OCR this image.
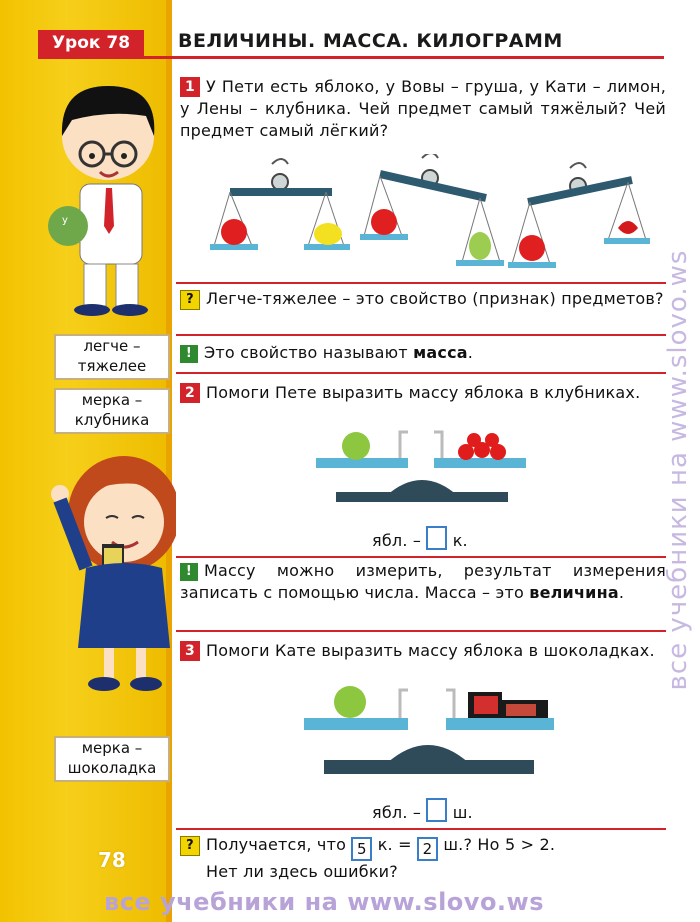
у
Урок 78	ВЕЛИЧИНЫ. МАССА. КИЛОГРАММ
1 У Пети есть яблоко, у Вовы – груша, у Кати – лимон, у Лены – клубника. Чей предмет самый тяжёлый? Чей предмет самый лёгкий?
? Легче-тяжелее – это свойство (признак) предметов?
! Это свойство называют масса.
легче –
тяжелее
мерка –
клубника
мерка –
шоколадка
2 Помоги Пете выразить массу яблока в клубниках.
ябл. – к.
! Массу можно измерить, результат измерения записать с помощью числа. Масса – это величина.
3 Помоги Кате выразить массу яблока в шоколадках.
ябл. – ш.
? Получается, что 5 к. = 2 ш.? Но 5 > 2.
Нет ли здесь ошибки?
78
все учебники на www.slovo.ws
все учебники на www.slovo.ws
